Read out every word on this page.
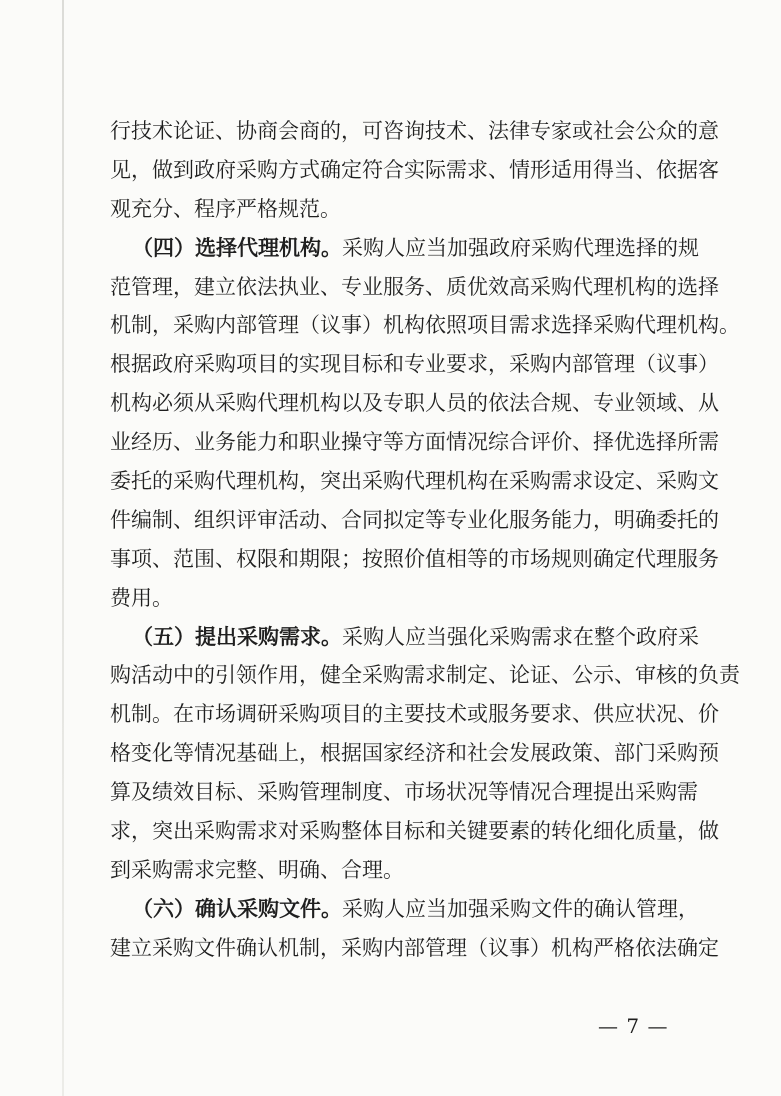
行技术论证、协商会商的，可咨询技术、法律专家或社会公众的意
见，做到政府采购方式确定符合实际需求、情形适用得当、依据客
观充分、程序严格规范。
（四）选择代理机构。采购人应当加强政府采购代理选择的规
范管理，建立依法执业、专业服务、质优效高采购代理机构的选择
机制，采购内部管理（议事）机构依照项目需求选择采购代理机构。
根据政府采购项目的实现目标和专业要求，采购内部管理（议事）
机构必须从采购代理机构以及专职人员的依法合规、专业领域、从
业经历、业务能力和职业操守等方面情况综合评价、择优选择所需
委托的采购代理机构，突出采购代理机构在采购需求设定、采购文
件编制、组织评审活动、合同拟定等专业化服务能力，明确委托的
事项、范围、权限和期限；按照价值相等的市场规则确定代理服务
费用。
（五）提出采购需求。采购人应当强化采购需求在整个政府采
购活动中的引领作用，健全采购需求制定、论证、公示、审核的负责
机制。在市场调研采购项目的主要技术或服务要求、供应状况、价
格变化等情况基础上，根据国家经济和社会发展政策、部门采购预
算及绩效目标、采购管理制度、市场状况等情况合理提出采购需
求，突出采购需求对采购整体目标和关键要素的转化细化质量，做
到采购需求完整、明确、合理。
（六）确认采购文件。采购人应当加强采购文件的确认管理，
建立采购文件确认机制，采购内部管理（议事）机构严格依法确定
— 7 —
